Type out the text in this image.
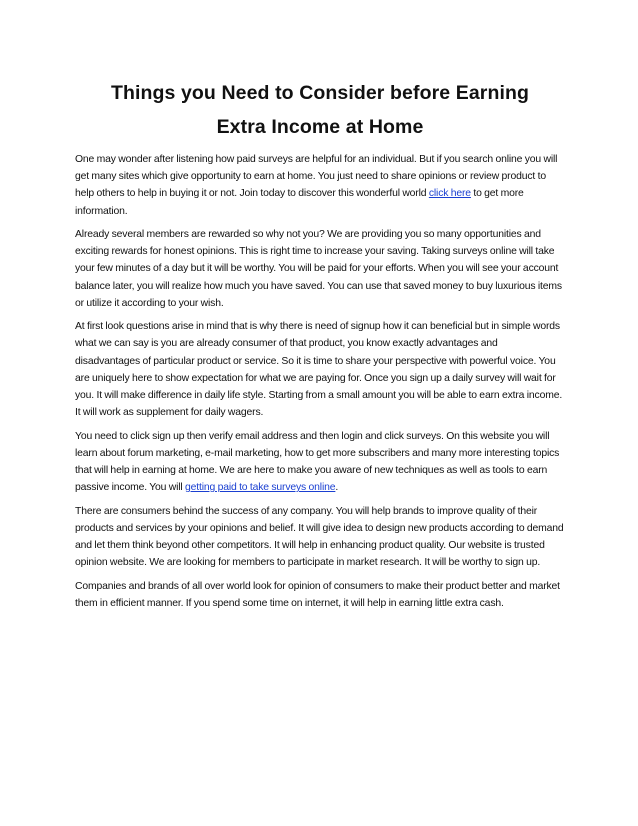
Things you Need to Consider before Earning
Extra Income at Home

One may wonder after listening how paid surveys are helpful for an individual. But if you search online you will get many sites which give opportunity to earn at home. You just need to share opinions or review product to help others to help in buying it or not. Join today to discover this wonderful world click here to get more information.

Already several members are rewarded so why not you? We are providing you so many opportunities and exciting rewards for honest opinions. This is right time to increase your saving. Taking surveys online will take your few minutes of a day but it will be worthy. You will be paid for your efforts. When you will see your account balance later, you will realize how much you have saved. You can use that saved money to buy luxurious items or utilize it according to your wish.

At first look questions arise in mind that is why there is need of signup how it can beneficial but in simple words what we can say is you are already consumer of that product, you know exactly advantages and disadvantages of particular product or service. So it is time to share your perspective with powerful voice. You are uniquely here to show expectation for what we are paying for. Once you sign up a daily survey will wait for you. It will make difference in daily life style. Starting from a small amount you will be able to earn extra income. It will work as supplement for daily wagers.

You need to click sign up then verify email address and then login and click surveys. On this website you will learn about forum marketing, e-mail marketing, how to get more subscribers and many more interesting topics that will help in earning at home. We are here to make you aware of new techniques as well as tools to earn passive income. You will getting paid to take surveys online.

There are consumers behind the success of any company. You will help brands to improve quality of their products and services by your opinions and belief. It will give idea to design new products according to demand and let them think beyond other competitors. It will help in enhancing product quality. Our website is trusted opinion website. We are looking for members to participate in market research. It will be worthy to sign up.

Companies and brands of all over world look for opinion of consumers to make their product better and market them in efficient manner. If you spend some time on internet, it will help in earning little extra cash.
